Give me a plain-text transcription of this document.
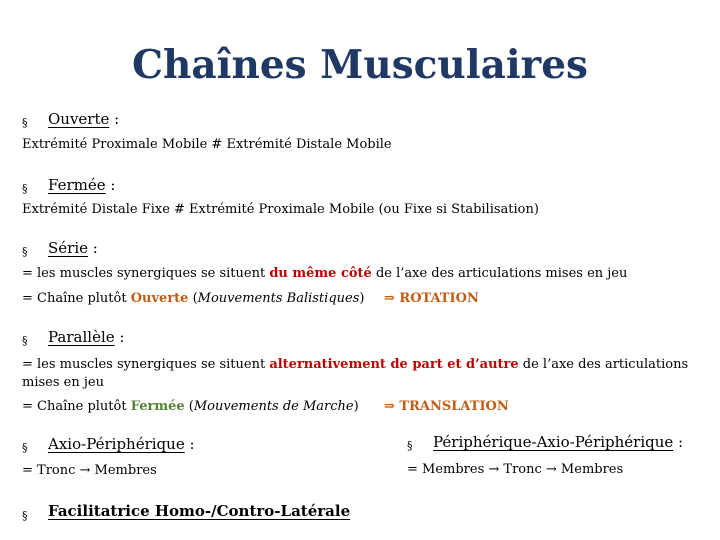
Chaînes Musculaires
§ Ouverte :
Extrémité Proximale Mobile # Extrémité Distale Mobile
§ Fermée :
Extrémité Distale Fixe # Extrémité Proximale Mobile (ou Fixe si Stabilisation)
§ Série :
= les muscles synergiques se situent du même côté de l’axe des articulations mises en jeu
= Chaîne plutôt Ouverte (Mouvements Balistiques) ⇒ ROTATION
§ Parallèle :
= les muscles synergiques se situent alternativement de part et d’autre de l’axe des articulations
mises en jeu
= Chaîne plutôt Fermée (Mouvements de Marche) ⇒ TRANSLATION
§ Axio-Périphérique :
= Tronc → Membres
§ Périphérique-Axio-Périphérique :
= Membres → Tronc → Membres
§ Facilitatrice Homo-/Contro-Latérale
